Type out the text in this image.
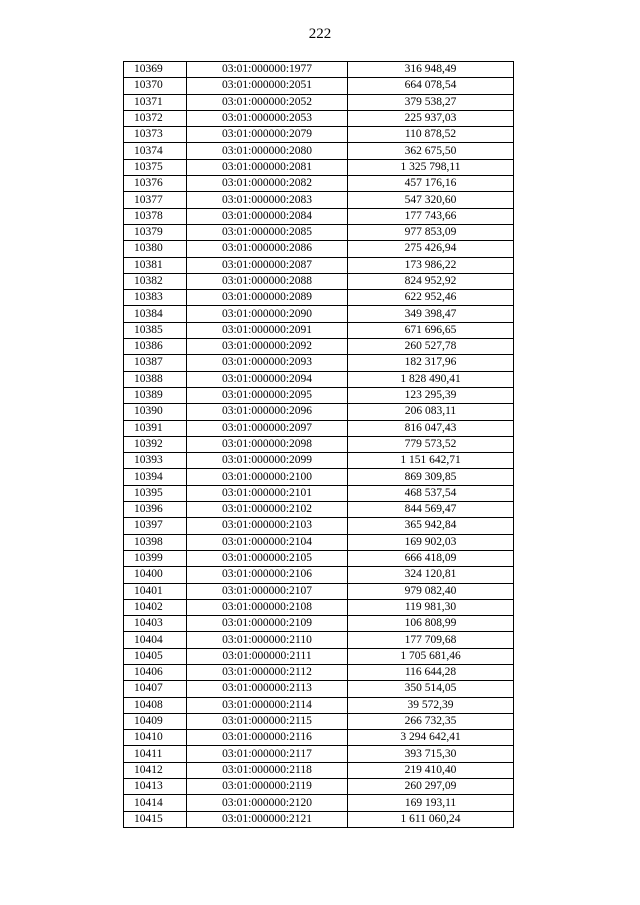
222
10369	03:01:000000:1977	316 948,49
10370	03:01:000000:2051	664 078,54
10371	03:01:000000:2052	379 538,27
10372	03:01:000000:2053	225 937,03
10373	03:01:000000:2079	110 878,52
10374	03:01:000000:2080	362 675,50
10375	03:01:000000:2081	1 325 798,11
10376	03:01:000000:2082	457 176,16
10377	03:01:000000:2083	547 320,60
10378	03:01:000000:2084	177 743,66
10379	03:01:000000:2085	977 853,09
10380	03:01:000000:2086	275 426,94
10381	03:01:000000:2087	173 986,22
10382	03:01:000000:2088	824 952,92
10383	03:01:000000:2089	622 952,46
10384	03:01:000000:2090	349 398,47
10385	03:01:000000:2091	671 696,65
10386	03:01:000000:2092	260 527,78
10387	03:01:000000:2093	182 317,96
10388	03:01:000000:2094	1 828 490,41
10389	03:01:000000:2095	123 295,39
10390	03:01:000000:2096	206 083,11
10391	03:01:000000:2097	816 047,43
10392	03:01:000000:2098	779 573,52
10393	03:01:000000:2099	1 151 642,71
10394	03:01:000000:2100	869 309,85
10395	03:01:000000:2101	468 537,54
10396	03:01:000000:2102	844 569,47
10397	03:01:000000:2103	365 942,84
10398	03:01:000000:2104	169 902,03
10399	03:01:000000:2105	666 418,09
10400	03:01:000000:2106	324 120,81
10401	03:01:000000:2107	979 082,40
10402	03:01:000000:2108	119 981,30
10403	03:01:000000:2109	106 808,99
10404	03:01:000000:2110	177 709,68
10405	03:01:000000:2111	1 705 681,46
10406	03:01:000000:2112	116 644,28
10407	03:01:000000:2113	350 514,05
10408	03:01:000000:2114	39 572,39
10409	03:01:000000:2115	266 732,35
10410	03:01:000000:2116	3 294 642,41
10411	03:01:000000:2117	393 715,30
10412	03:01:000000:2118	219 410,40
10413	03:01:000000:2119	260 297,09
10414	03:01:000000:2120	169 193,11
10415	03:01:000000:2121	1 611 060,24
